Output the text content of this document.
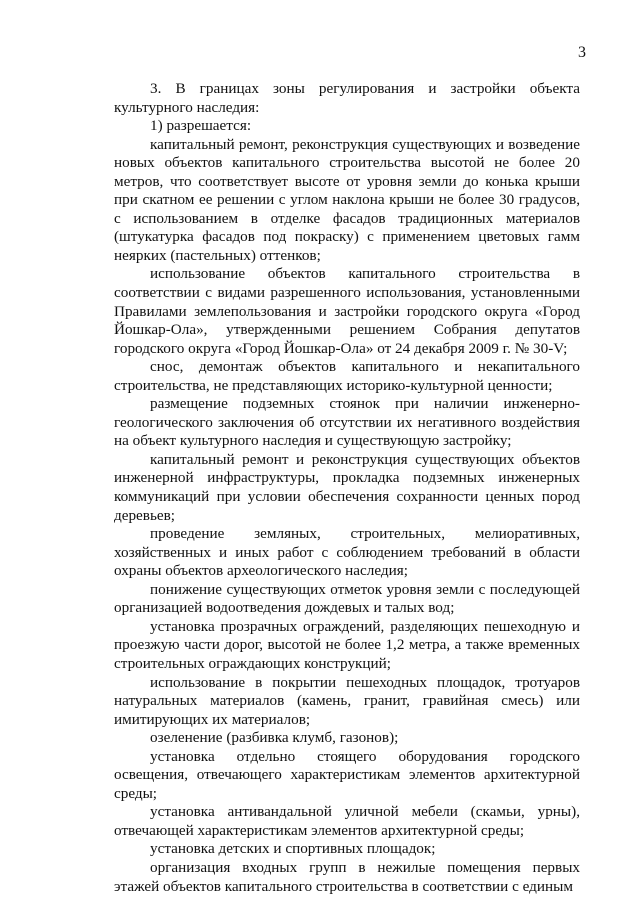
3

3. В границах зоны регулирования и застройки объекта культурного наследия:

1) разрешается:

капитальный ремонт, реконструкция существующих и возведение новых объектов капитального строительства высотой не более 20 метров, что соответствует высоте от уровня земли до конька крыши при скатном ее решении с углом наклона крыши не более 30 градусов, с использованием в отделке фасадов традиционных материалов (штукатурка фасадов под покраску) с применением цветовых гамм неярких (пастельных) оттенков;

использование объектов капитального строительства в соответствии с видами разрешенного использования, установленными Правилами землепользования и застройки городского округа «Город Йошкар-Ола», утвержденными решением Собрания депутатов городского округа «Город Йошкар-Ола» от 24 декабря 2009 г. № 30-V;

снос, демонтаж объектов капитального и некапитального строительства, не представляющих историко-культурной ценности;

размещение подземных стоянок при наличии инженерно-геологического заключения об отсутствии их негативного воздействия на объект культурного наследия и существующую застройку;

капитальный ремонт и реконструкция существующих объектов инженерной инфраструктуры, прокладка подземных инженерных коммуникаций при условии обеспечения сохранности ценных пород деревьев;

проведение земляных, строительных, мелиоративных, хозяйственных и иных работ с соблюдением требований в области охраны объектов археологического наследия;

понижение существующих отметок уровня земли с последующей организацией водоотведения дождевых и талых вод;

установка прозрачных ограждений, разделяющих пешеходную и проезжую части дорог, высотой не более 1,2 метра, а также временных строительных ограждающих конструкций;

использование в покрытии пешеходных площадок, тротуаров натуральных материалов (камень, гранит, гравийная смесь) или имитирующих их материалов;

озеленение (разбивка клумб, газонов);

установка отдельно стоящего оборудования городского освещения, отвечающего характеристикам элементов архитектурной среды;

установка антивандальной уличной мебели (скамьи, урны), отвечающей характеристикам элементов архитектурной среды;

установка детских и спортивных площадок;

организация входных групп в нежилые помещения первых этажей объектов капитального строительства в соответствии с единым
